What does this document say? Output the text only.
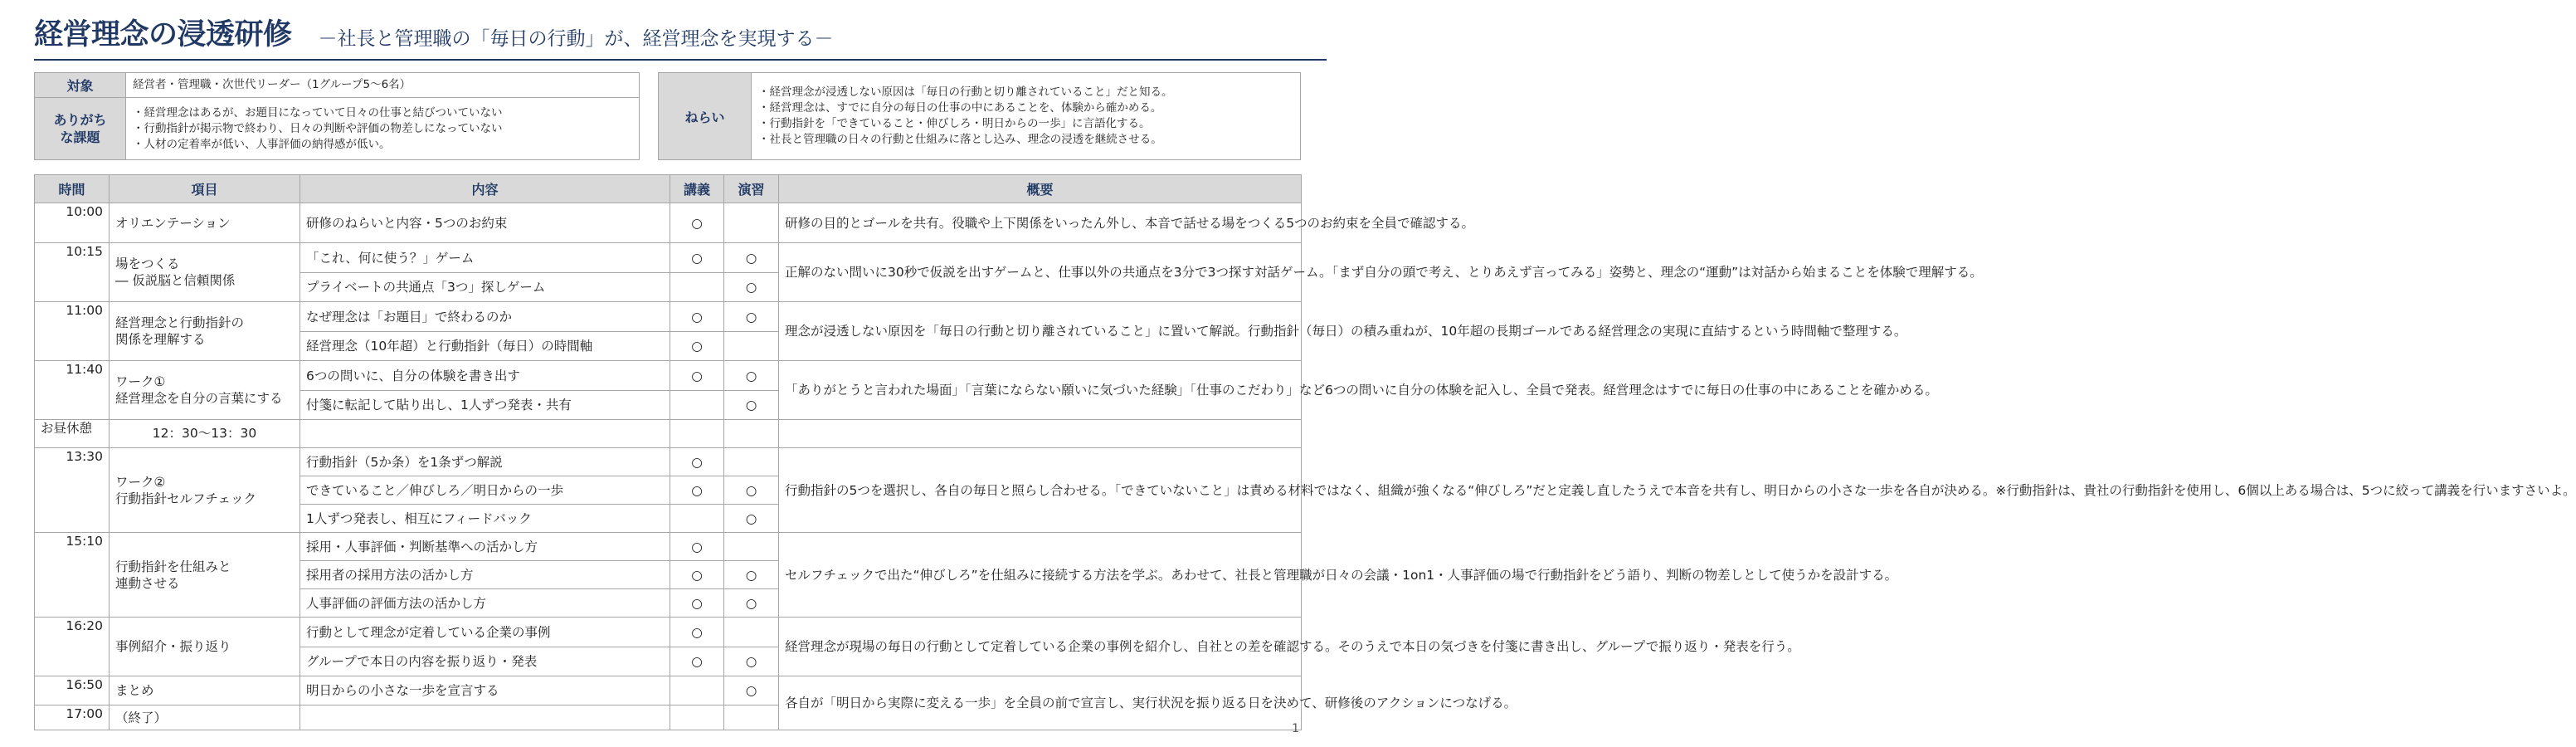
経営理念の浸透研修 －社長と管理職の「毎日の行動」が、経営理念を実現する－
対象	経営者・管理職・次世代リーダー（1グループ5～6名）

ありがち
な課題	・経営理念はあるが、お題目になっていて日々の仕事と結びついていない
・行動指針が掲示物で終わり、日々の判断や評価の物差しになっていない
・人材の定着率が低い、人事評価の納得感が低い。
ねらい	
・経営理念が浸透しない原因は「毎日の行動と切り離されていること」だと知る。
・経営理念は、すでに自分の毎日の仕事の中にあることを、体験から確かめる。
・行動指針を「できていること・伸びしろ・明日からの一歩」に言語化する。
・社長と管理職の日々の行動と仕組みに落とし込み、理念の浸透を継続させる。
時間	項目	内容	講義	演習	概要
10:00	オリエンテーション	研修のねらいと内容・5つのお約束	○		研修の目的とゴールを共有。役職や上下関係をいったん外し、本音で話せる場をつくる5つのお約束を全員で確認する。
10:15	場をつくる
― 仮説脳と信頼関係	「これ、何に使う？」ゲーム	○	○	正解のない問いに30秒で仮説を出すゲームと、仕事以外の共通点を3分で3つ探す対話ゲーム。「まず自分の頭で考え、とりあえず言ってみる」姿勢と、理念の“運動”は対話から始まることを体験で理解する。
		プライベートの共通点「3つ」探しゲーム		○	
11:00	経営理念と行動指針の
関係を理解する	なぜ理念は「お題目」で終わるのか	○	○	理念が浸透しない原因を「毎日の行動と切り離されていること」に置いて解説。行動指針（毎日）の積み重ねが、10年超の長期ゴールである経営理念の実現に直結するという時間軸で整理する。
		経営理念（10年超）と行動指針（毎日）の時間軸	○		
11:40	ワーク①
経営理念を自分の言葉にする	6つの問いに、自分の体験を書き出す	○	○	「ありがとうと言われた場面」「言葉にならない願いに気づいた経験」「仕事のこだわり」など6つの問いに自分の体験を記入し、全員で発表。経営理念はすでに毎日の仕事の中にあることを確かめる。
		付箋に転記して貼り出し、1人ずつ発表・共有		○	
お昼休憩	12：30～13：30				
13:30	ワーク②
行動指針セルフチェック	行動指針（5か条）を1条ずつ解説	○		行動指針の5つを選択し、各自の毎日と照らし合わせる。「できていないこと」は責める材料ではなく、組織が強くなる“伸びしろ”だと定義し直したうえで本音を共有し、明日からの小さな一歩を各自が決める。※行動指針は、貴社の行動指針を使用し、6個以上ある場合は、5つに絞って講義を行いますさいよ。
		できていること／伸びしろ／明日からの一歩	○	○	
		1人ずつ発表し、相互にフィードバック		○	
15:10	行動指針を仕組みと
連動させる	採用・人事評価・判断基準への活かし方	○		セルフチェックで出た“伸びしろ”を仕組みに接続する方法を学ぶ。あわせて、社長と管理職が日々の会議・1on1・人事評価の場で行動指針をどう語り、判断の物差しとして使うかを設計する。
		採用者の採用方法の活かし方	○	○	
		人事評価の評価方法の活かし方	○	○	
16:20	事例紹介・振り返り	行動として理念が定着している企業の事例	○		経営理念が現場の毎日の行動として定着している企業の事例を紹介し、自社との差を確認する。そのうえで本日の気づきを付箋に書き出し、グループで振り返り・発表を行う。
		グループで本日の内容を振り返り・発表	○	○	
16:50	まとめ	明日からの小さな一歩を宣言する		○	各自が「明日から実際に変える一歩」を全員の前で宣言し、実行状況を振り返る日を決めて、研修後のアクションにつなげる。
17:00	（終了）				

1
